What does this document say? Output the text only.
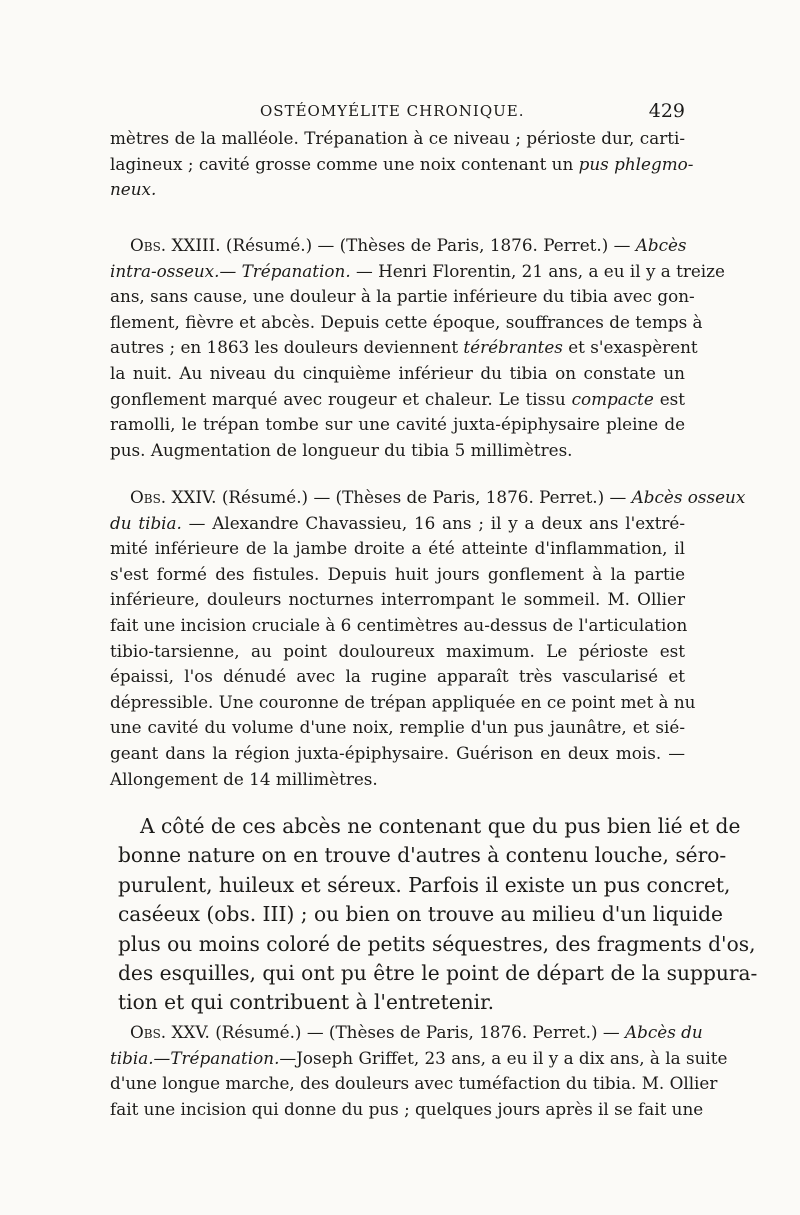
OSTÉOMYÉLITE CHRONIQUE.	429
mètres de la malléole. Trépanation à ce niveau ; périoste dur, carti-
lagineux ; cavité grosse comme une noix contenant un pus phlegmo-
neux.
Obs. XXIII. (Résumé.) — (Thèses de Paris, 1876. Perret.) — Abcès
intra-osseux.— Trépanation. — Henri Florentin, 21 ans, a eu il y a treize
ans, sans cause, une douleur à la partie inférieure du tibia avec gon-
flement, fièvre et abcès. Depuis cette époque, souffrances de temps à
autres ; en 1863 les douleurs deviennent térébrantes et s'exaspèrent
la nuit. Au niveau du cinquième inférieur du tibia on constate un
gonflement marqué avec rougeur et chaleur. Le tissu compacte est
ramolli, le trépan tombe sur une cavité juxta-épiphysaire pleine de
pus. Augmentation de longueur du tibia 5 millimètres.
Obs. XXIV. (Résumé.) — (Thèses de Paris, 1876. Perret.) — Abcès osseux
du tibia. — Alexandre Chavassieu, 16 ans ; il y a deux ans l'extré-
mité inférieure de la jambe droite a été atteinte d'inflammation, il
s'est formé des fistules. Depuis huit jours gonflement à la partie
inférieure, douleurs nocturnes interrompant le sommeil. M. Ollier
fait une incision cruciale à 6 centimètres au-dessus de l'articulation
tibio-tarsienne, au point douloureux maximum. Le périoste est
épaissi, l'os dénudé avec la rugine apparaît très vascularisé et
dépressible. Une couronne de trépan appliquée en ce point met à nu
une cavité du volume d'une noix, remplie d'un pus jaunâtre, et sié-
geant dans la région juxta-épiphysaire. Guérison en deux mois. —
Allongement de 14 millimètres.
A côté de ces abcès ne contenant que du pus bien lié et de
bonne nature on en trouve d'autres à contenu louche, séro-
purulent, huileux et séreux. Parfois il existe un pus concret,
caséeux (obs. III) ; ou bien on trouve au milieu d'un liquide
plus ou moins coloré de petits séquestres, des fragments d'os,
des esquilles, qui ont pu être le point de départ de la suppura-
tion et qui contribuent à l'entretenir.
Obs. XXV. (Résumé.) — (Thèses de Paris, 1876. Perret.) — Abcès du
tibia.—Trépanation.—Joseph Griffet, 23 ans, a eu il y a dix ans, à la suite
d'une longue marche, des douleurs avec tuméfaction du tibia. M. Ollier
fait une incision qui donne du pus ; quelques jours après il se fait une
